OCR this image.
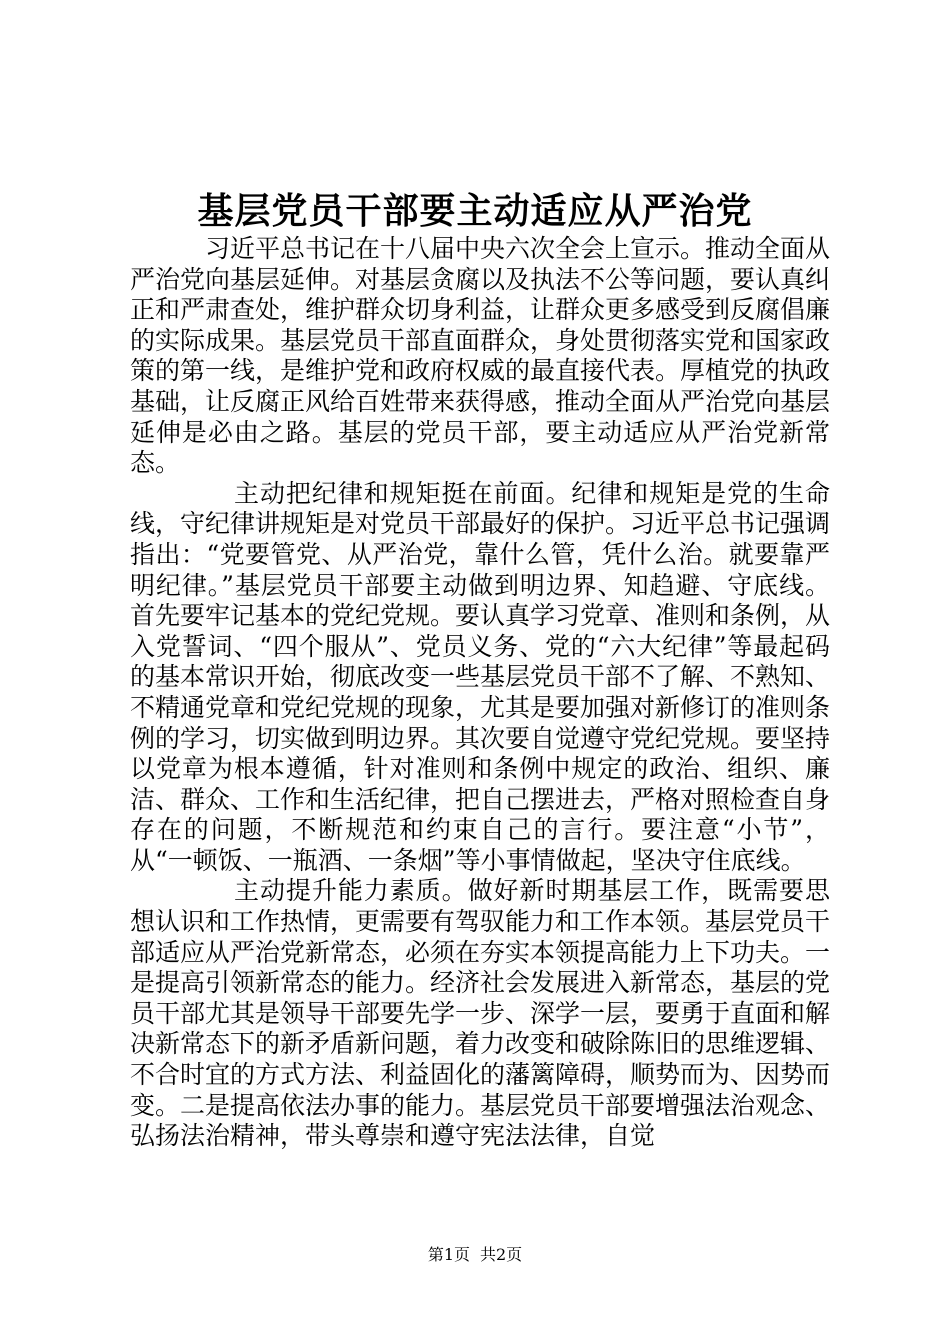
基层党员干部要主动适应从严治党

习近平总书记在十八届中央六次全会上宣示。推动全面从严治党向基层延伸。对基层贪腐以及执法不公等问题，要认真纠正和严肃查处，维护群众切身利益，让群众更多感受到反腐倡廉的实际成果。基层党员干部直面群众，身处贯彻落实党和国家政策的第一线，是维护党和政府权威的最直接代表。厚植党的执政基础，让反腐正风给百姓带来获得感，推动全面从严治党向基层延伸是必由之路。基层的党员干部，要主动适应从严治党新常态。

主动把纪律和规矩挺在前面。纪律和规矩是党的生命线，守纪律讲规矩是对党员干部最好的保护。习近平总书记强调指出：“党要管党、从严治党，靠什么管，凭什么治。就要靠严明纪律。”基层党员干部要主动做到明边界、知趋避、守底线。首先要牢记基本的党纪党规。要认真学习党章、准则和条例，从入党誓词、“四个服从”、党员义务、党的“六大纪律”等最起码的基本常识开始，彻底改变一些基层党员干部不了解、不熟知、不精通党章和党纪党规的现象，尤其是要加强对新修订的准则条例的学习，切实做到明边界。其次要自觉遵守党纪党规。要坚持以党章为根本遵循，针对准则和条例中规定的政治、组织、廉洁、群众、工作和生活纪律，把自己摆进去，严格对照检查自身存在的问题，不断规范和约束自己的言行。要注意“小节”，从“一顿饭、一瓶酒、一条烟”等小事情做起，坚决守住底线。

主动提升能力素质。做好新时期基层工作，既需要思想认识和工作热情，更需要有驾驭能力和工作本领。基层党员干部适应从严治党新常态，必须在夯实本领提高能力上下功夫。一是提高引领新常态的能力。经济社会发展进入新常态，基层的党员干部尤其是领导干部要先学一步、深学一层，要勇于直面和解决新常态下的新矛盾新问题，着力改变和破除陈旧的思维逻辑、不合时宜的方式方法、利益固化的藩篱障碍，顺势而为、因势而变。二是提高依法办事的能力。基层党员干部要增强法治观念、弘扬法治精神，带头尊崇和遵守宪法法律，自觉

第1页 共2页
